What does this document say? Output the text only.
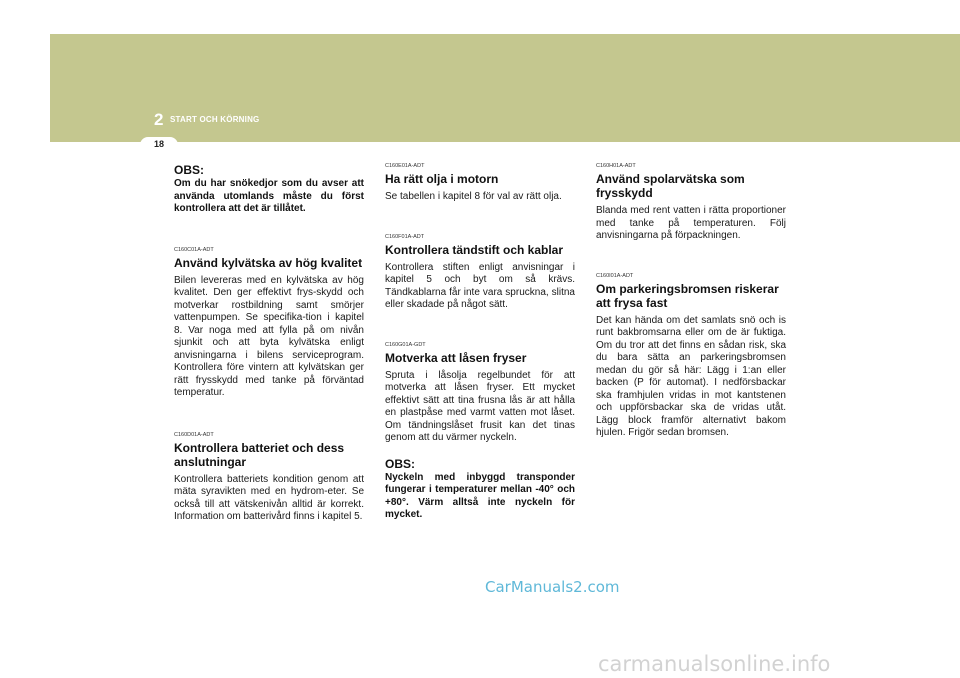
2 START OCH KÖRNING
18

OBS:

Om du har snökedjor som du avser att använda utomlands måste du först kontrollera att det är tillåtet.

C160C01A-ADT

Använd kylvätska av hög kvalitet

Bilen levereras med en kylvätska av hög kvalitet. Den ger effektivt frys-skydd och motverkar rostbildning samt smörjer vattenpumpen. Se specifika-tion i kapitel 8. Var noga med att fylla på om nivån sjunkit och att byta kylvätska enligt anvisningarna i bilens serviceprogram. Kontrollera före vintern att kylvätskan ger rätt frysskydd med tanke på förväntad temperatur.

C160D01A-ADT

Kontrollera batteriet och dess anslutningar

Kontrollera batteriets kondition genom att mäta syravikten med en hydrom-eter. Se också till att vätskenivån alltid är korrekt. Information om batterivård finns i kapitel 5.

C160E01A-ADT

Ha rätt olja i motorn

Se tabellen i kapitel 8 för val av rätt olja.

C160F01A-ADT

Kontrollera tändstift och kablar

Kontrollera stiften enligt anvisningar i kapitel 5 och byt om så krävs. Tändkablarna får inte vara spruckna, slitna eller skadade på något sätt.

C160G01A-GDT

Motverka att låsen fryser

Spruta i låsolja regelbundet för att motverka att låsen fryser. Ett mycket effektivt sätt att tina frusna lås är att hålla en plastpåse med varmt vatten mot låset. Om tändningslåset frusit kan det tinas genom att du värmer nyckeln.

OBS:

Nyckeln med inbyggd transponder fungerar i temperaturer mellan -40° och +80°. Värm alltså inte nyckeln för mycket.

C160H01A-ADT

Använd spolarvätska som frysskydd

Blanda med rent vatten i rätta proportioner med tanke på temperaturen. Följ anvisningarna på förpackningen.

C160I01A-ADT

Om parkeringsbromsen riskerar att frysa fast

Det kan hända om det samlats snö och is runt bakbromsarna eller om de är fuktiga. Om du tror att det finns en sådan risk, ska du bara sätta an parkeringsbromsen medan du gör så här: Lägg i 1:an eller backen (P för automat). I nedförsbackar ska framhjulen vridas in mot kantstenen och uppförsbackar ska de vridas utåt. Lägg block framför alternativt bakom hjulen. Frigör sedan bromsen.

CarManuals2.com
carmanualsonline.info
